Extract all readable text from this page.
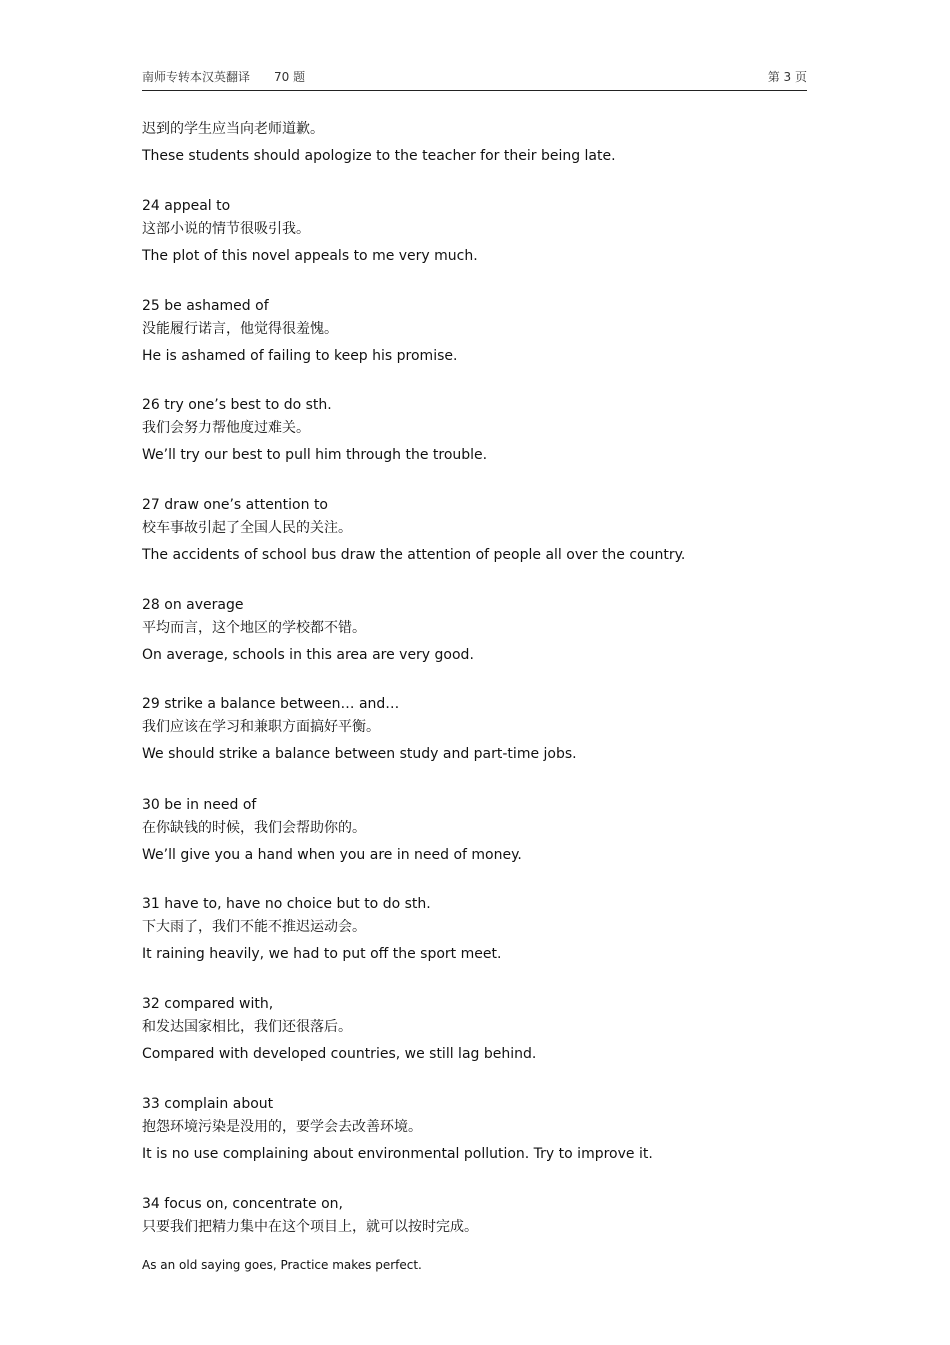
南师专转本汉英翻译 70 题	第 3 页
迟到的学生应当向老师道歉。
These students should apologize to the teacher for their being late.
24 appeal to
这部小说的情节很吸引我。
The plot of this novel appeals to me very much.
25 be ashamed of
没能履行诺言，他觉得很羞愧。
He is ashamed of failing to keep his promise.
26 try one’s best to do sth.
我们会努力帮他度过难关。
We’ll try our best to pull him through the trouble.
27 draw one’s attention to
校车事故引起了全国人民的关注。
The accidents of school bus draw the attention of people all over the country.
28 on average
平均而言，这个地区的学校都不错。
On average, schools in this area are very good.
29 strike a balance between… and…
我们应该在学习和兼职方面搞好平衡。
We should strike a balance between study and part-time jobs.
30 be in need of
在你缺钱的时候，我们会帮助你的。
We’ll give you a hand when you are in need of money.
31 have to, have no choice but to do sth.
下大雨了，我们不能不推迟运动会。
It raining heavily, we had to put off the sport meet.
32 compared with,
和发达国家相比，我们还很落后。
Compared with developed countries, we still lag behind.
33 complain about
抱怨环境污染是没用的，要学会去改善环境。
It is no use complaining about environmental pollution. Try to improve it.
34 focus on, concentrate on,
只要我们把精力集中在这个项目上，就可以按时完成。
As an old saying goes, Practice makes perfect.
